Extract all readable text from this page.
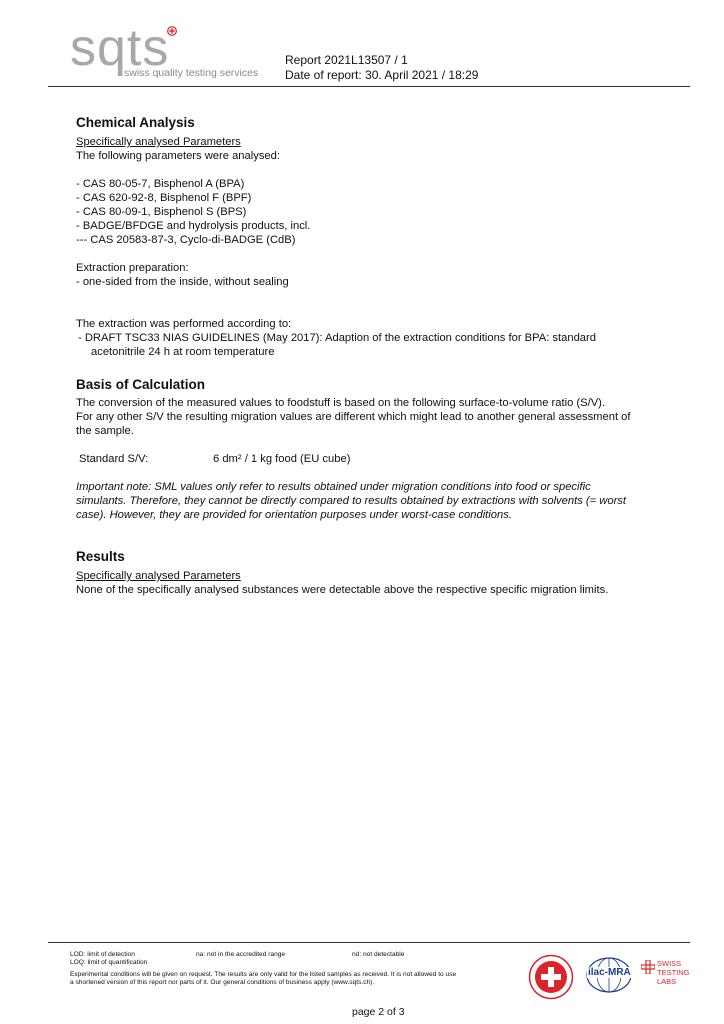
sqts
swiss quality testing services
Report 2021L13507 / 1
Date of report: 30. April 2021 / 18:29
Chemical Analysis
Specifically analysed Parameters
The following parameters were analysed:
- CAS 80-05-7, Bisphenol A (BPA)
- CAS 620-92-8, Bisphenol F (BPF)
- CAS 80-09-1, Bisphenol S (BPS)
- BADGE/BFDGE and hydrolysis products, incl.
--- CAS 20583-87-3, Cyclo-di-BADGE (CdB)
Extraction preparation:
- one-sided from the inside, without sealing
The extraction was performed according to:
- DRAFT TSC33 NIAS GUIDELINES (May 2017): Adaption of the extraction conditions for BPA: standard
acetonitrile 24 h at room temperature
Basis of Calculation
The conversion of the measured values to foodstuff is based on the following surface-to-volume ratio (S/V).
For any other S/V the resulting migration values are different which might lead to another general assessment of
the sample.
Standard S/V:	6 dm² / 1 kg food (EU cube)
Important note: SML values only refer to results obtained under migration conditions into food or specific
simulants. Therefore, they cannot be directly compared to results obtained by extractions with solvents (= worst
case). However, they are provided for orientation purposes under worst-case conditions.
Results
Specifically analysed Parameters
None of the specifically analysed substances were detectable above the respective specific migration limits.
LOD: limit of detection
LOQ: limit of quantification
na: not in the accredited range	nd: not detectable
Experimental conditions will be given on request. The results are only valid for the listed samples as received. It is not allowed to use
a shortened version of this report nor parts of it. Our general conditions of business apply (www.sqts.ch).
ilac-MRA
SWISS
TESTING
LABS
page 2 of 3
